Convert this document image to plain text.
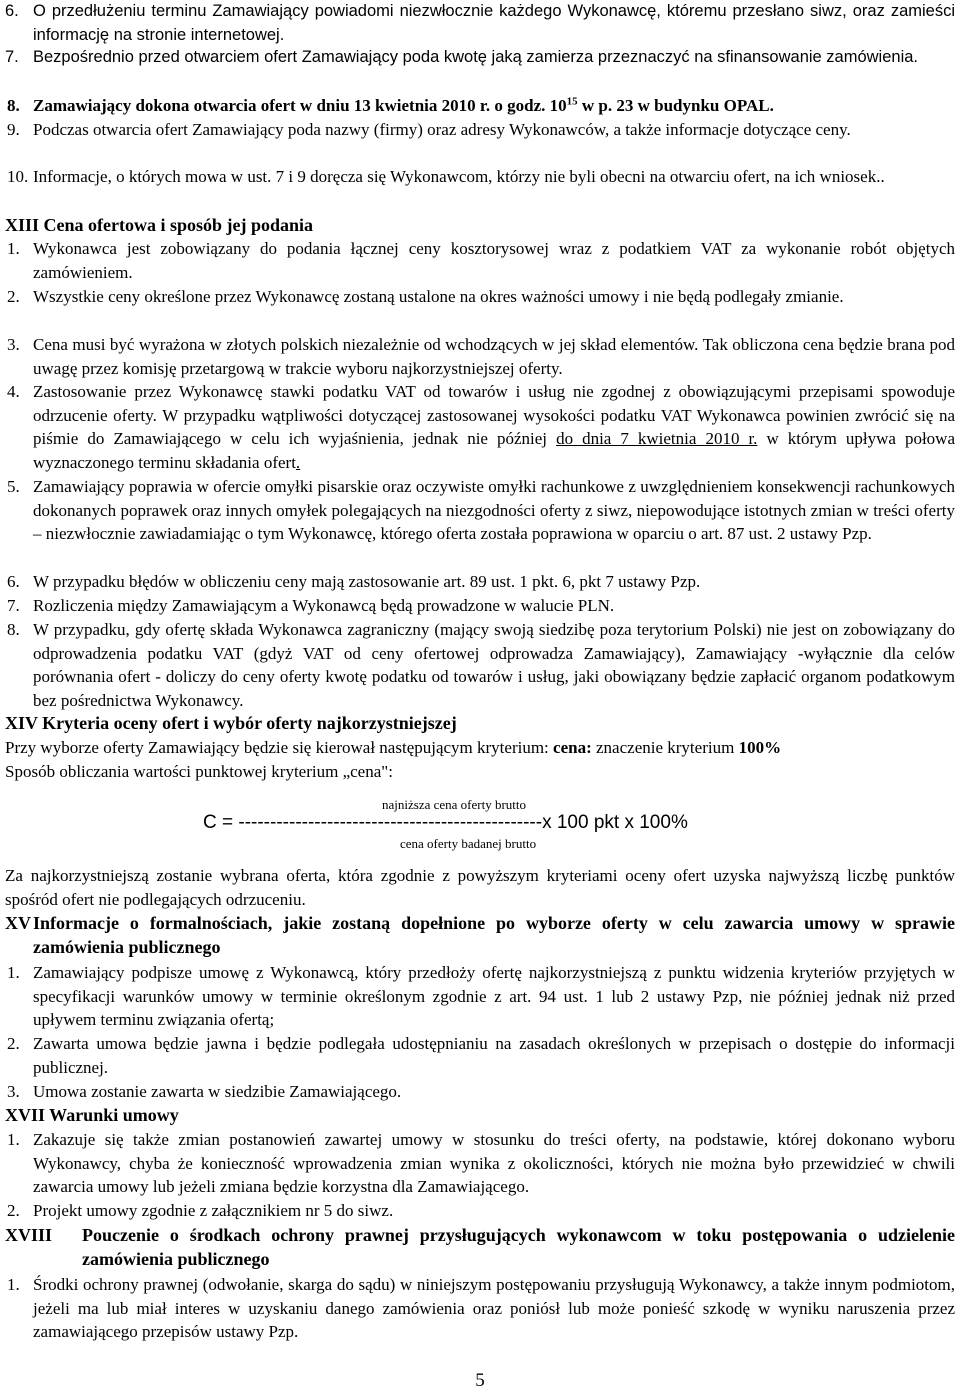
6. O przedłużeniu terminu Zamawiający powiadomi niezwłocznie każdego Wykonawcę, któremu przesłano siwz, oraz zamieści informację na stronie internetowej.

7. Bezpośrednio przed otwarciem ofert Zamawiający poda kwotę jaką zamierza przeznaczyć na sfinansowanie zamówienia.

8. Zamawiający dokona otwarcia ofert w dniu 13 kwietnia 2010 r. o godz. $10^{15}$ w p. 23 w budynku OPAL.

9. Podczas otwarcia ofert Zamawiający poda nazwy (firmy) oraz adresy Wykonawców, a także informacje dotyczące ceny.

10. Informacje, o których mowa w ust. 7 i 9 doręcza się Wykonawcom, którzy nie byli obecni na otwarciu ofert, na ich wniosek..

XIII Cena ofertowa i sposób jej podania

1. Wykonawca jest zobowiązany do podania łącznej ceny kosztorysowej wraz z podatkiem VAT za wykonanie robót objętych zamówieniem.

2. Wszystkie ceny określone przez Wykonawcę zostaną ustalone na okres ważności umowy i nie będą podlegały zmianie.

3. Cena musi być wyrażona w złotych polskich niezależnie od wchodzących w jej skład elementów. Tak obliczona cena będzie brana pod uwagę przez komisję przetargową w trakcie wyboru najkorzystniejszej oferty.

4. Zastosowanie przez Wykonawcę stawki podatku VAT od towarów i usług nie zgodnej z obowiązującymi przepisami spowoduje odrzucenie oferty. W przypadku wątpliwości dotyczącej zastosowanej wysokości podatku VAT Wykonawca powinien zwrócić się na piśmie do Zamawiającego w celu ich wyjaśnienia, jednak nie później do dnia 7 kwietnia 2010 r. w którym upływa połowa wyznaczonego terminu składania ofert.

5. Zamawiający poprawia w ofercie omyłki pisarskie oraz oczywiste omyłki rachunkowe z uwzględnieniem konsekwencji rachunkowych dokonanych poprawek oraz innych omyłek polegających na niezgodności oferty z siwz, niepowodujące istotnych zmian w treści oferty – niezwłocznie zawiadamiając o tym Wykonawcę, którego oferta została poprawiona w oparciu o art. 87 ust. 2 ustawy Pzp.

6. W przypadku błędów w obliczeniu ceny mają zastosowanie art. 89 ust. 1 pkt. 6, pkt 7 ustawy Pzp.

7. Rozliczenia między Zamawiającym a Wykonawcą będą prowadzone w walucie PLN.

8. W przypadku, gdy ofertę składa Wykonawca zagraniczny (mający swoją siedzibę poza terytorium Polski) nie jest on zobowiązany do odprowadzenia podatku VAT (gdyż VAT od ceny ofertowej odprowadza Zamawiający), Zamawiający -wyłącznie dla celów porównania ofert - doliczy do ceny oferty kwotę podatku od towarów i usług, jaki obowiązany będzie zapłacić organom podatkowym bez pośrednictwa Wykonawcy.

XIV Kryteria oceny ofert i wybór oferty najkorzystniejszej

Przy wyborze oferty Zamawiający będzie się kierował następującym kryterium: cena: znaczenie kryterium 100%

Sposób obliczania wartości punktowej kryterium „cena":

najniższa cena oferty brutto
C = ------------------------------------------------x 100 pkt x 100%
cena oferty badanej brutto

Za najkorzystniejszą zostanie wybrana oferta, która zgodnie z powyższym kryteriami oceny ofert uzyska najwyższą liczbę punktów spośród ofert nie podlegających odrzuceniu.

XV Informacje o formalnościach, jakie zostaną dopełnione po wyborze oferty w celu zawarcia umowy w sprawie zamówienia publicznego

1. Zamawiający podpisze umowę z Wykonawcą, który przedłoży ofertę najkorzystniejszą z punktu widzenia kryteriów przyjętych w specyfikacji warunków umowy w terminie określonym zgodnie z art. 94 ust. 1 lub 2 ustawy Pzp, nie później jednak niż przed upływem terminu związania ofertą;

2. Zawarta umowa będzie jawna i będzie podlegała udostępnianiu na zasadach określonych w przepisach o dostępie do informacji publicznej.

3. Umowa zostanie zawarta w siedzibie Zamawiającego.

XVII Warunki umowy

1. Zakazuje się także zmian postanowień zawartej umowy w stosunku do treści oferty, na podstawie, której dokonano wyboru Wykonawcy, chyba że konieczność wprowadzenia zmian wynika z okoliczności, których nie można było przewidzieć w chwili zawarcia umowy lub jeżeli zmiana będzie korzystna dla Zamawiającego.

2. Projekt umowy zgodnie z załącznikiem nr 5 do siwz.

XVIII Pouczenie o środkach ochrony prawnej przysługujących wykonawcom w toku postępowania o udzielenie zamówienia publicznego

1. Środki ochrony prawnej (odwołanie, skarga do sądu) w niniejszym postępowaniu przysługują Wykonawcy, a także innym podmiotom, jeżeli ma lub miał interes w uzyskaniu danego zamówienia oraz poniósł lub może ponieść szkodę w wyniku naruszenia przez zamawiającego przepisów ustawy Pzp.

5
